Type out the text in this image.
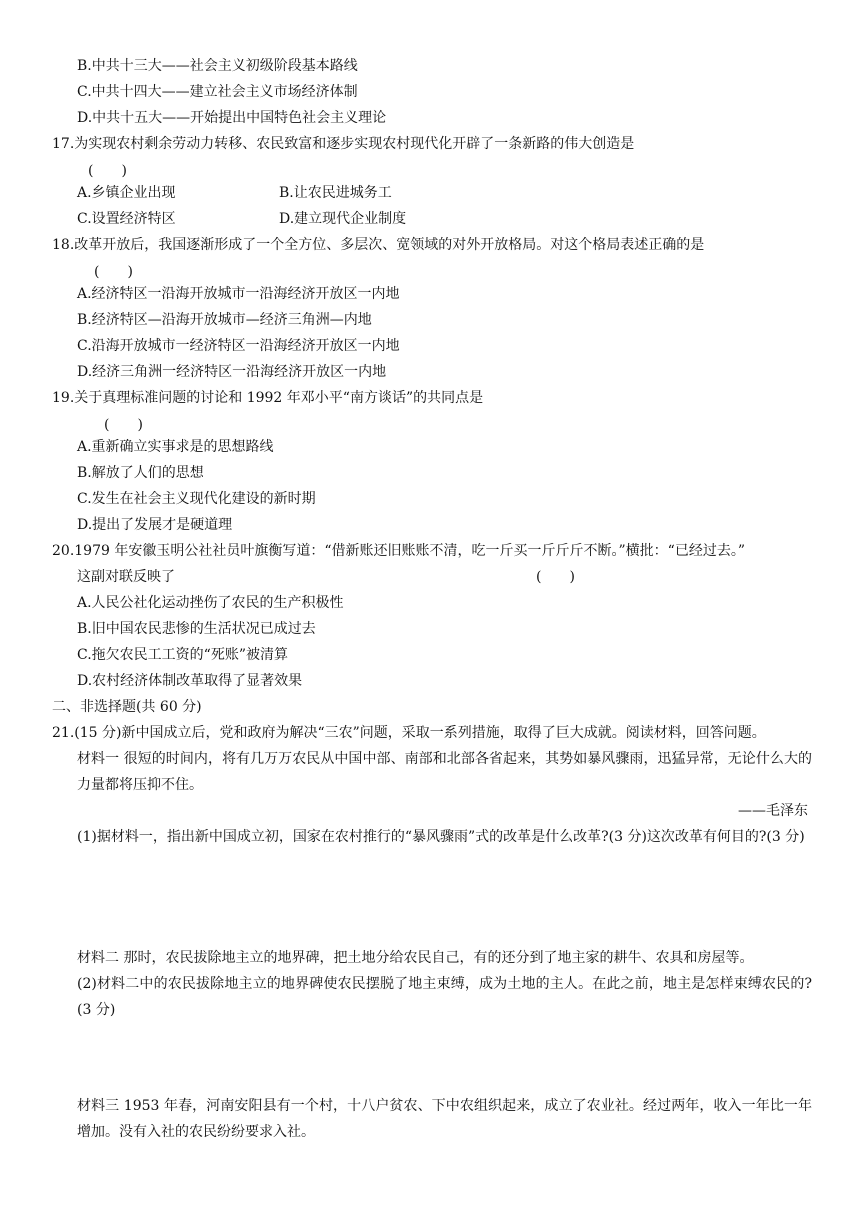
B.中共十三大——社会主义初级阶段基本路线
C.中共十四大——建立社会主义市场经济体制
D.中共十五大——开始提出中国特色社会主义理论
17.为实现农村剩余劳动力转移、农民致富和逐步实现农村现代化开辟了一条新路的伟大创造是
(　　)
A.乡镇企业出现	B.让农民进城务工
C.设置经济特区	D.建立现代企业制度
18.改革开放后，我国逐渐形成了一个全方位、多层次、宽领域的对外开放格局。对这个格局表述正确的是
(　　)
A.经济特区一沿海开放城市一沿海经济开放区一内地
B.经济特区—沿海开放城市—经济三角洲—内地
C.沿海开放城市一经济特区一沿海经济开放区一内地
D.经济三角洲一经济特区一沿海经济开放区一内地
19.关于真理标准问题的讨论和 1992 年邓小平“南方谈话”的共同点是
(　　)
A.重新确立实事求是的思想路线
B.解放了人们的思想
C.发生在社会主义现代化建设的新时期
D.提出了发展才是硬道理
20.1979 年安徽玉明公社社员叶旗衡写道：“借新账还旧账账不清，吃一斤买一斤斤斤不断。”横批：“已经过去。”
这副对联反映了	(　　)
A.人民公社化运动挫伤了农民的生产积极性
B.旧中国农民悲惨的生活状况已成过去
C.拖欠农民工工资的“死账”被清算
D.农村经济体制改革取得了显著效果
二、非选择题(共 60 分)
21.(15 分)新中国成立后，党和政府为解决“三农”问题，采取一系列措施，取得了巨大成就。阅读材料，回答问题。
材料一 很短的时间内，将有几万万农民从中国中部、南部和北部各省起来，其势如暴风骤雨，迅猛异常，无论什么大的力量都将压抑不住。
——毛泽东
(1)据材料一，指出新中国成立初，国家在农村推行的“暴风骤雨”式的改革是什么改革?(3 分)这次改革有何目的?(3 分)
材料二 那时，农民拔除地主立的地界碑，把土地分给农民自己，有的还分到了地主家的耕牛、农具和房屋等。
(2)材料二中的农民拔除地主立的地界碑使农民摆脱了地主束缚，成为土地的主人。在此之前，地主是怎样束缚农民的?(3 分)
材料三 1953 年春，河南安阳县有一个村，十八户贫农、下中农组织起来，成立了农业社。经过两年，收入一年比一年增加。没有入社的农民纷纷要求入社。
